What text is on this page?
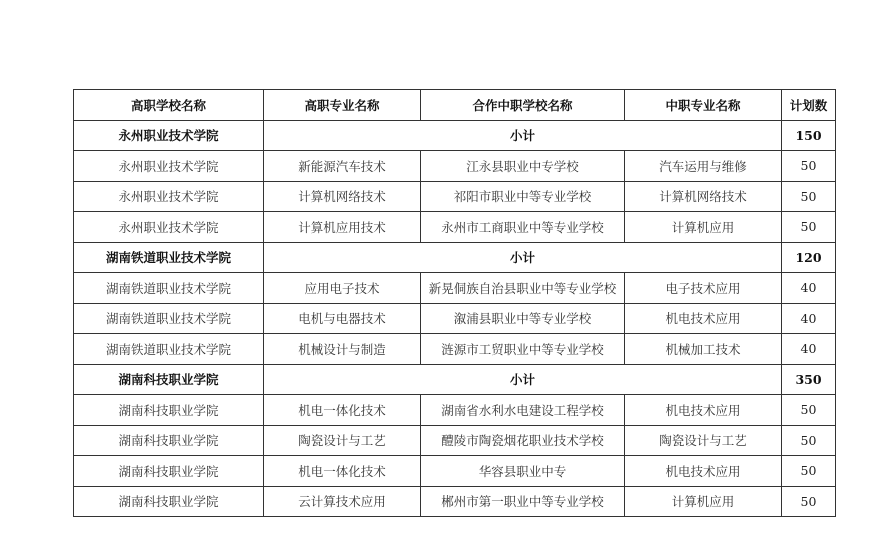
高职学校名称	高职专业名称	合作中职学校名称	中职专业名称	计划数
永州职业技术学院	小计			150
永州职业技术学院	新能源汽车技术	江永县职业中专学校	汽车运用与维修	50
永州职业技术学院	计算机网络技术	祁阳市职业中等专业学校	计算机网络技术	50
永州职业技术学院	计算机应用技术	永州市工商职业中等专业学校	计算机应用	50
湖南铁道职业技术学院	小计			120
湖南铁道职业技术学院	应用电子技术	新晃侗族自治县职业中等专业学校	电子技术应用	40
湖南铁道职业技术学院	电机与电器技术	溆浦县职业中等专业学校	机电技术应用	40
湖南铁道职业技术学院	机械设计与制造	涟源市工贸职业中等专业学校	机械加工技术	40
湖南科技职业学院	小计			350
湖南科技职业学院	机电一体化技术	湖南省水利水电建设工程学校	机电技术应用	50
湖南科技职业学院	陶瓷设计与工艺	醴陵市陶瓷烟花职业技术学校	陶瓷设计与工艺	50
湖南科技职业学院	机电一体化技术	华容县职业中专	机电技术应用	50
湖南科技职业学院	云计算技术应用	郴州市第一职业中等专业学校	计算机应用	50
